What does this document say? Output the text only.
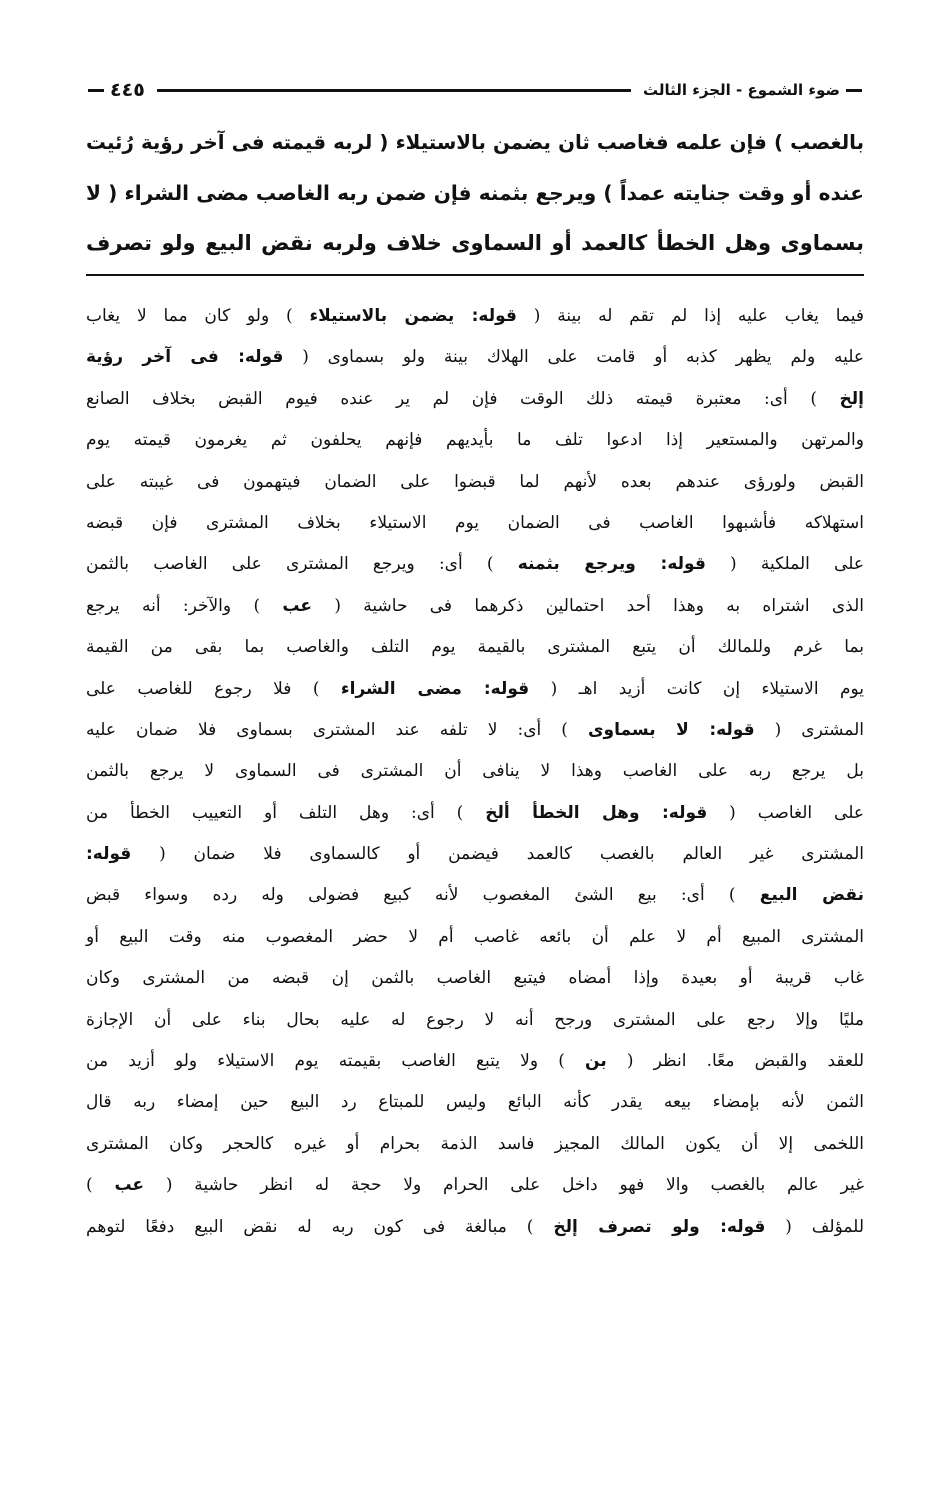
ضوء الشموع - الجزء الثالث
٤٤٥
بالغصب ) فإن علمه فغاصب ثان يضمن بالاستيلاء ( لربه قيمته فى آخر رؤية رُئيت
عنده أو وقت جنايته عمداً ) ويرجع بثمنه فإن ضمن ربه الغاصب مضى الشراء ( لا
بسماوى وهل الخطأ كالعمد أو السماوى خلاف ولربه نقض البيع ولو تصرف
فيما يغاب عليه إذا لم تقم له بينة ( قوله: يضمن بالاستيلاء ) ولو كان مما لا يغاب
عليه ولم يظهر كذبه أو قامت على الهلاك بينة ولو بسماوى ( قوله: فى آخر رؤية
إلخ ) أى: معتبرة قيمته ذلك الوقت فإن لم ير عنده فيوم القبض بخلاف الصانع
والمرتهن والمستعير إذا ادعوا تلف ما بأيديهم فإنهم يحلفون ثم يغرمون قيمته يوم
القبض ولورؤى عندهم بعده لأنهم لما قبضوا على الضمان فيتهمون فى غيبته على
استهلاكه فأشبهوا الغاصب فى الضمان يوم الاستيلاء بخلاف المشترى فإن قبضه
على الملكية ( قوله: ويرجع بثمنه ) أى: ويرجع المشترى على الغاصب بالثمن
الذى اشتراه به وهذا أحد احتمالين ذكرهما فى حاشية ( عب ) والآخر: أنه يرجع
بما غرم وللمالك أن يتبع المشترى بالقيمة يوم التلف والغاصب بما بقى من القيمة
يوم الاستيلاء إن كانت أزيد اهـ ( قوله: مضى الشراء ) فلا رجوع للغاصب على
المشترى ( قوله: لا بسماوى ) أى: لا تلفه عند المشترى بسماوى فلا ضمان عليه
بل يرجع ربه على الغاصب وهذا لا ينافى أن المشترى فى السماوى لا يرجع بالثمن
على الغاصب ( قوله: وهل الخطأ ألخ ) أى: وهل التلف أو التعييب الخطأ من
المشترى غير العالم بالغصب كالعمد فيضمن أو كالسماوى فلا ضمان ( قوله:
نقض البيع ) أى: بيع الشئ المغصوب لأنه كبيع فضولى وله رده وسواء قبض
المشترى المبيع أم لا علم أن بائعه غاصب أم لا حضر المغصوب منه وقت البيع أو
غاب قريبة أو بعيدة وإذا أمضاه فيتبع الغاصب بالثمن إن قبضه من المشترى وكان
مليًا وإلا رجع على المشترى ورجح أنه لا رجوع له عليه بحال بناء على أن الإجازة
للعقد والقبض معًا. انظر ( بن ) ولا يتبع الغاصب بقيمته يوم الاستيلاء ولو أزيد من
الثمن لأنه بإمضاء بيعه يقدر كأنه البائع وليس للمبتاع رد البيع حين إمضاء ربه قال
اللخمى إلا أن يكون المالك المجيز فاسد الذمة بحرام أو غيره كالحجر وكان المشترى
غير عالم بالغصب والا فهو داخل على الحرام ولا حجة له انظر حاشية ( عب )
للمؤلف ( قوله: ولو تصرف إلخ ) مبالغة فى كون ربه له نقض البيع دفعًا لتوهم
